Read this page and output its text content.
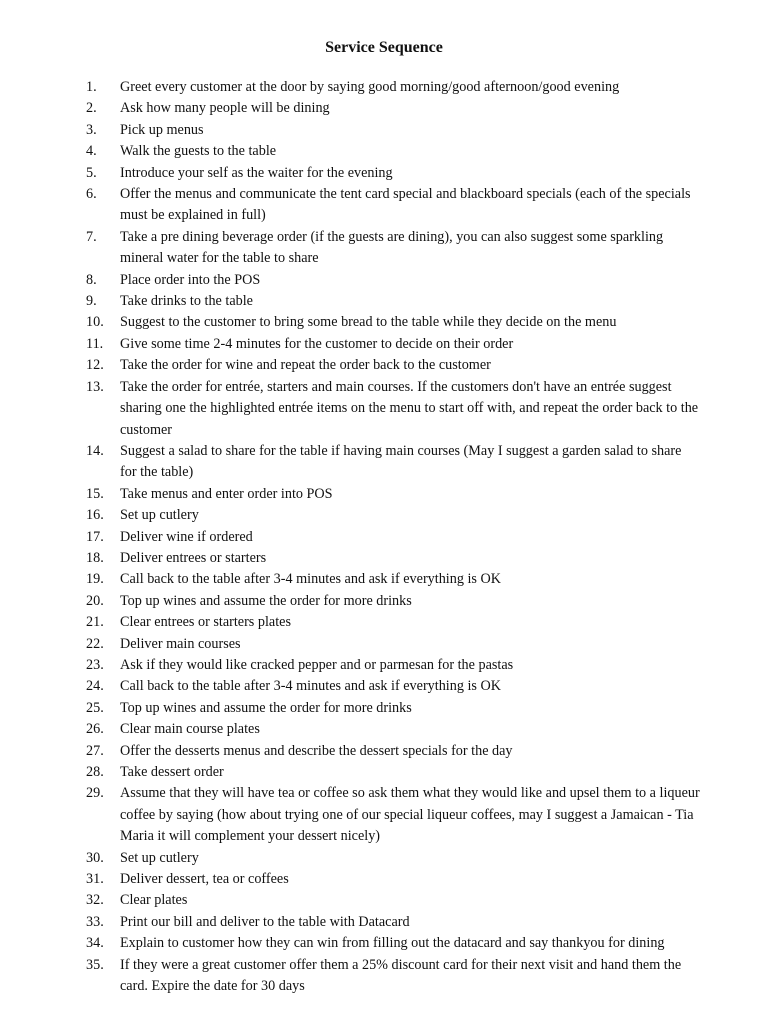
Service Sequence
1.	Greet every customer at the door by saying good morning/good afternoon/good evening
2.	Ask how many people will be dining
3.	Pick up menus
4.	Walk the guests to the table
5.	Introduce your self as the waiter for the evening
6.	Offer the menus and communicate the tent card special and blackboard specials (each of the specials must be explained in full)
7.	Take a pre dining beverage order (if the guests are dining), you can also suggest some sparkling mineral water for the table to share
8.	Place order into the POS
9.	Take drinks to the table
10.	Suggest to the customer to bring some bread to the table while they decide on the menu
11.	Give some time 2-4 minutes for the customer to decide on their order
12.	Take the order for wine and repeat the order back to the customer
13.	Take the order for entrée, starters and main courses. If the customers don't have an entrée suggest sharing one the highlighted entrée items on the menu to start off with, and repeat the order back to the customer
14.	Suggest a salad to share for the table if having main courses (May I suggest a garden salad to share for the table)
15.	Take menus and enter order into POS
16.	Set up cutlery
17.	Deliver wine if ordered
18.	Deliver entrees or starters
19.	Call back to the table after 3-4 minutes and ask if everything is OK
20.	Top up wines and assume the order for more drinks
21.	Clear entrees or starters plates
22.	Deliver main courses
23.	Ask if they would like cracked pepper and or parmesan for the pastas
24.	Call back to the table after 3-4 minutes and ask if everything is OK
25.	Top up wines and assume the order for more drinks
26.	Clear main course plates
27.	Offer the desserts menus and describe the dessert specials for the day
28.	Take dessert order
29.	Assume that they will have tea or coffee so ask them what they would like and upsel them to a liqueur coffee by saying (how about trying one of our special liqueur coffees, may I suggest a Jamaican - Tia Maria it will complement your dessert nicely)
30.	Set up cutlery
31.	Deliver dessert, tea or coffees
32.	Clear plates
33.	Print our bill and deliver to the table with Datacard
34.	Explain to customer how they can win from filling out the datacard and say thankyou for dining
35.	If they were a great customer offer them a 25% discount card for their next visit and hand them the card. Expire the date for 30 days
